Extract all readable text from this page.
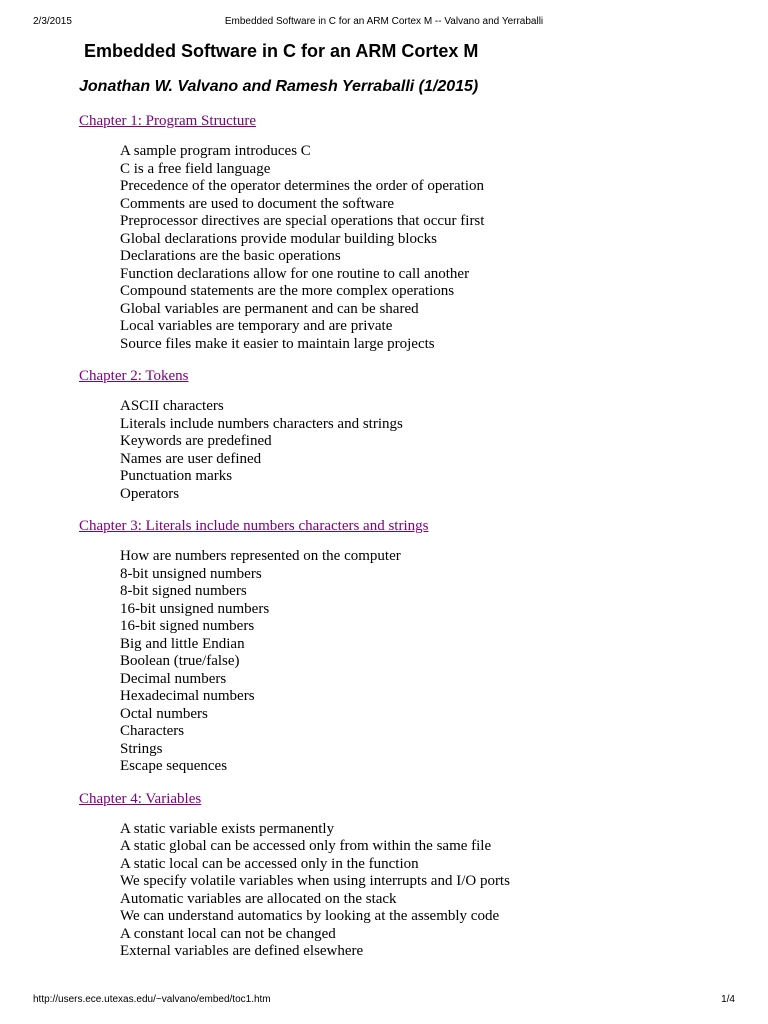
2/3/2015	Embedded Software in C for an ARM Cortex M -- Valvano and Yerraballi
Embedded Software in C for an ARM Cortex M
Jonathan W. Valvano and Ramesh Yerraballi (1/2015)
Chapter 1: Program Structure
A sample program introduces C
C is a free field language
Precedence of the operator determines the order of operation
Comments are used to document the software
Preprocessor directives are special operations that occur first
Global declarations provide modular building blocks
Declarations are the basic operations
Function declarations allow for one routine to call another
Compound statements are the more complex operations
Global variables are permanent and can be shared
Local variables are temporary and are private
Source files make it easier to maintain large projects
Chapter 2: Tokens
ASCII characters
Literals include numbers characters and strings
Keywords are predefined
Names are user defined
Punctuation marks
Operators
Chapter 3: Literals include numbers characters and strings
How are numbers represented on the computer
8-bit unsigned numbers
8-bit signed numbers
16-bit unsigned numbers
16-bit signed numbers
Big and little Endian
Boolean (true/false)
Decimal numbers
Hexadecimal numbers
Octal numbers
Characters
Strings
Escape sequences
Chapter 4: Variables
A static variable exists permanently
A static global can be accessed only from within the same file
A static local can be accessed only in the function
We specify volatile variables when using interrupts and I/O ports
Automatic variables are allocated on the stack
We can understand automatics by looking at the assembly code
A constant local can not be changed
External variables are defined elsewhere
http://users.ece.utexas.edu/~valvano/embed/toc1.htm	1/4
